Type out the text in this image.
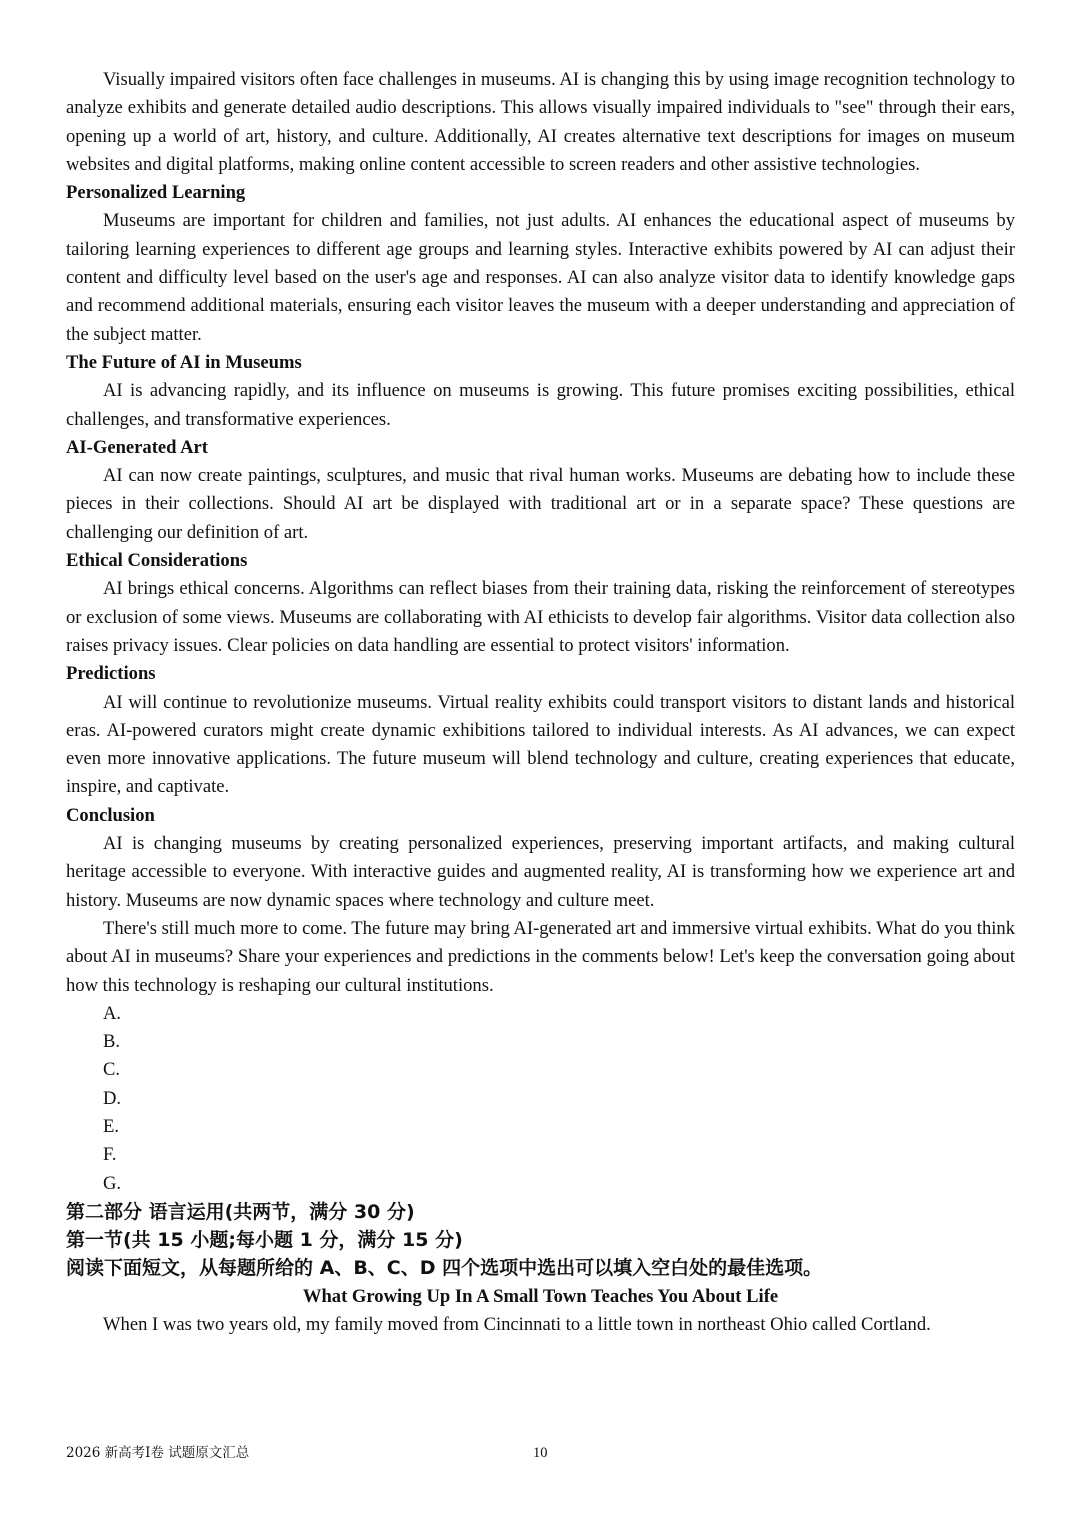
Visually impaired visitors often face challenges in museums. AI is changing this by using image recognition technology to analyze exhibits and generate detailed audio descriptions. This allows visually impaired individuals to "see" through their ears, opening up a world of art, history, and culture. Additionally, AI creates alternative text descriptions for images on museum websites and digital platforms, making online content accessible to screen readers and other assistive technologies.

Personalized Learning

Museums are important for children and families, not just adults. AI enhances the educational aspect of museums by tailoring learning experiences to different age groups and learning styles. Interactive exhibits powered by AI can adjust their content and difficulty level based on the user's age and responses. AI can also analyze visitor data to identify knowledge gaps and recommend additional materials, ensuring each visitor leaves the museum with a deeper understanding and appreciation of the subject matter.

The Future of AI in Museums

AI is advancing rapidly, and its influence on museums is growing. This future promises exciting possibilities, ethical challenges, and transformative experiences.

AI-Generated Art

AI can now create paintings, sculptures, and music that rival human works. Museums are debating how to include these pieces in their collections. Should AI art be displayed with traditional art or in a separate space? These questions are challenging our definition of art.

Ethical Considerations

AI brings ethical concerns. Algorithms can reflect biases from their training data, risking the reinforcement of stereotypes or exclusion of some views. Museums are collaborating with AI ethicists to develop fair algorithms. Visitor data collection also raises privacy issues. Clear policies on data handling are essential to protect visitors' information.

Predictions

AI will continue to revolutionize museums. Virtual reality exhibits could transport visitors to distant lands and historical eras. AI-powered curators might create dynamic exhibitions tailored to individual interests. As AI advances, we can expect even more innovative applications. The future museum will blend technology and culture, creating experiences that educate, inspire, and captivate.

Conclusion

AI is changing museums by creating personalized experiences, preserving important artifacts, and making cultural heritage accessible to everyone. With interactive guides and augmented reality, AI is transforming how we experience art and history. Museums are now dynamic spaces where technology and culture meet.

There's still much more to come. The future may bring AI-generated art and immersive virtual exhibits. What do you think about AI in museums? Share your experiences and predictions in the comments below! Let's keep the conversation going about how this technology is reshaping our cultural institutions.

A.
B.
C.
D.
E.
F.
G.
第二部分 语言运用(共两节，满分 30 分)
第一节(共 15 小题;每小题 1 分，满分 15 分)
阅读下面短文，从每题所给的 A、B、C、D 四个选项中选出可以填入空白处的最佳选项。
What Growing Up In A Small Town Teaches You About Life

When I was two years old, my family moved from Cincinnati to a little town in northeast Ohio called Cortland.

2026 新高考I卷 试题原文汇总	10
